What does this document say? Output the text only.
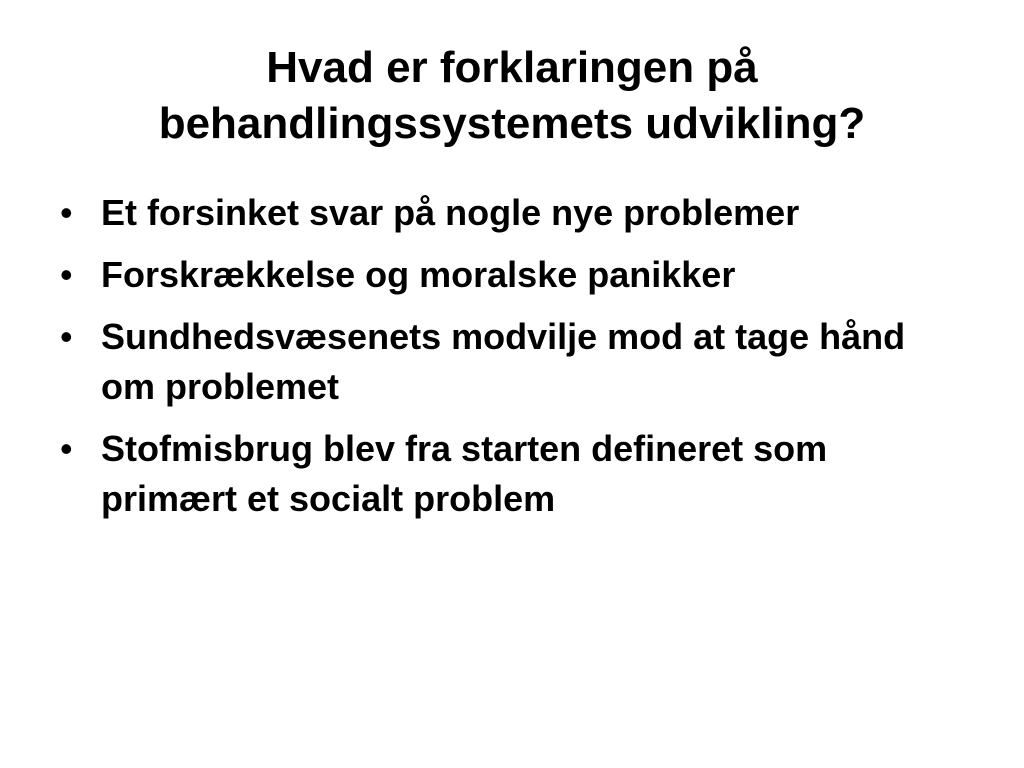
Hvad er forklaringen på
behandlingssystemets udvikling?
• Et forsinket svar på nogle nye problemer
• Forskrækkelse og moralske panikker
• Sundhedsvæsenets modvilje mod at tage hånd om problemet
• Stofmisbrug blev fra starten defineret som primært et socialt problem
